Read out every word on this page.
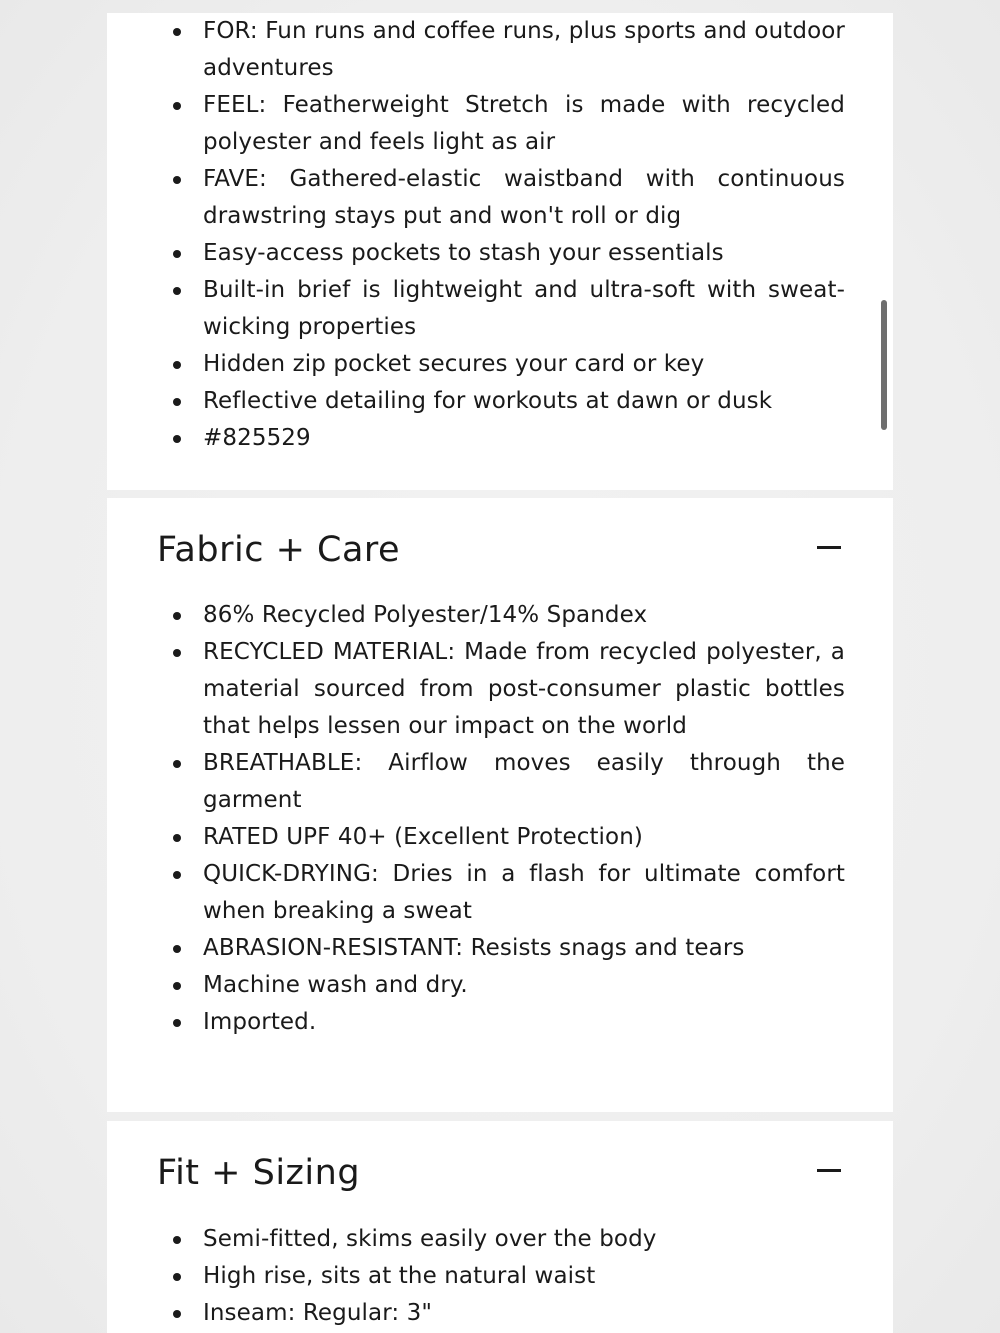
FOR: Fun runs and coffee runs, plus sports and outdoor adventures
FEEL: Featherweight Stretch is made with recycled polyester and feels light as air
FAVE: Gathered-elastic waistband with continuous drawstring stays put and won't roll or dig
Easy-access pockets to stash your essentials
Built-in brief is lightweight and ultra-soft with sweat-wicking properties
Hidden zip pocket secures your card or key
Reflective detailing for workouts at dawn or dusk
#825529
Fabric + Care
86% Recycled Polyester/14% Spandex
RECYCLED MATERIAL: Made from recycled polyester, a material sourced from post-consumer plastic bottles that helps lessen our impact on the world
BREATHABLE: Airflow moves easily through the garment
RATED UPF 40+ (Excellent Protection)
QUICK-DRYING: Dries in a flash for ultimate comfort when breaking a sweat
ABRASION-RESISTANT: Resists snags and tears
Machine wash and dry.
Imported.
Fit + Sizing
Semi-fitted, skims easily over the body
High rise, sits at the natural waist
Inseam: Regular: 3"
